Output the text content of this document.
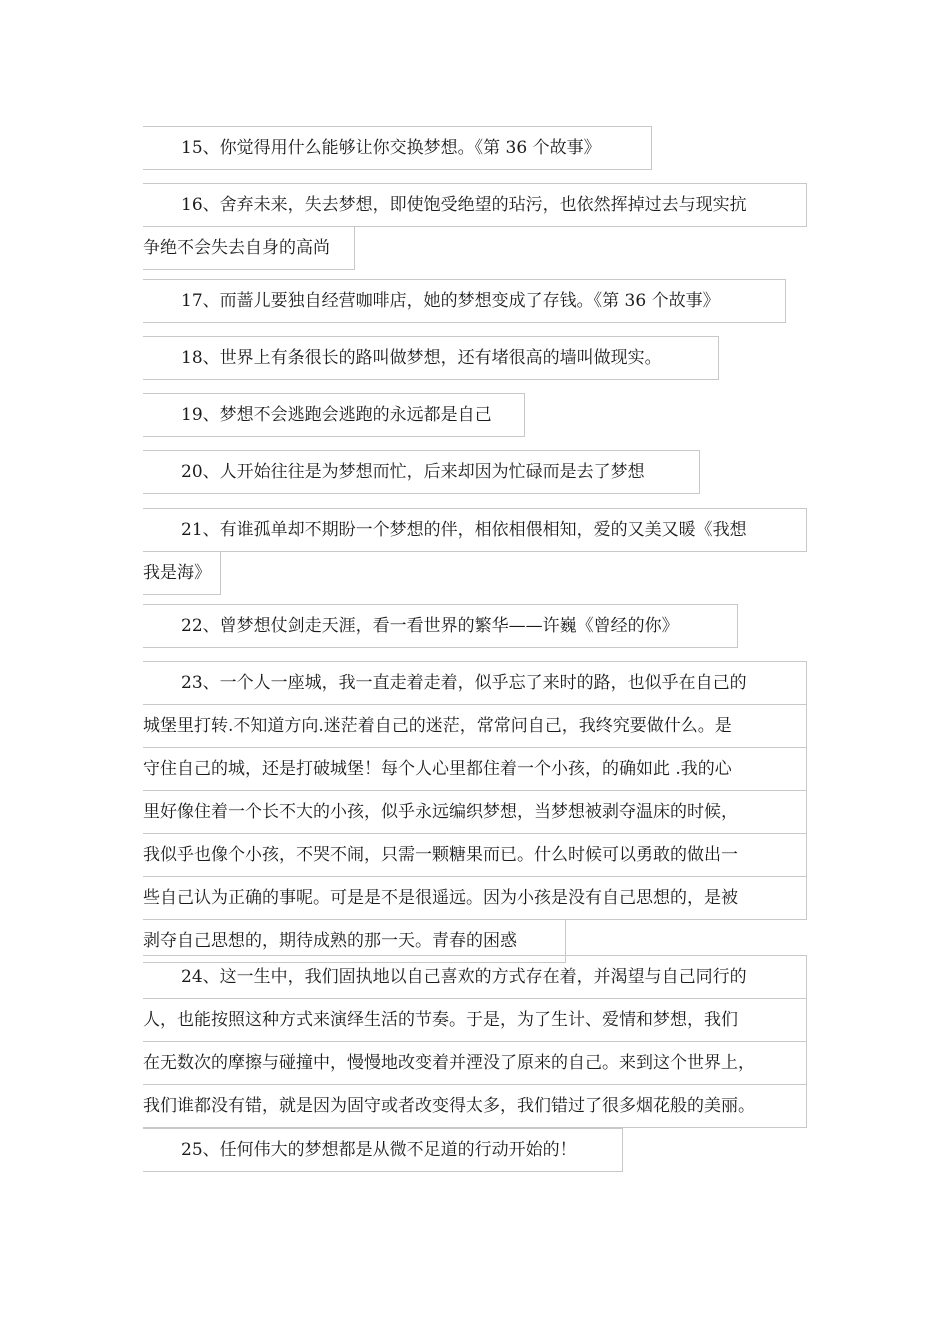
15、你觉得用什么能够让你交换梦想。《第 36 个故事》
16、舍弃未来，失去梦想，即使饱受绝望的玷污，也依然挥掉过去与现实抗
争绝不会失去自身的高尚
17、而蔷儿要独自经营咖啡店，她的梦想变成了存钱。《第 36 个故事》
18、世界上有条很长的路叫做梦想，还有堵很高的墙叫做现实。
19、梦想不会逃跑会逃跑的永远都是自己
20、人开始往往是为梦想而忙，后来却因为忙碌而是去了梦想
21、有谁孤单却不期盼一个梦想的伴，相依相偎相知，爱的又美又暖《我想
我是海》
22、曾梦想仗剑走天涯，看一看世界的繁华——许巍《曾经的你》
23、一个人一座城，我一直走着走着，似乎忘了来时的路，也似乎在自己的
城堡里打转.不知道方向.迷茫着自己的迷茫，常常问自己，我终究要做什么。是
守住自己的城，还是打破城堡！每个人心里都住着一个小孩，的确如此 .我的心
里好像住着一个长不大的小孩，似乎永远编织梦想，当梦想被剥夺温床的时候，
我似乎也像个小孩，不哭不闹，只需一颗糖果而已。什么时候可以勇敢的做出一
些自己认为正确的事呢。可是是不是很遥远。因为小孩是没有自己思想的，是被
剥夺自己思想的，期待成熟的那一天。青春的困惑
24、这一生中，我们固执地以自己喜欢的方式存在着，并渴望与自己同行的
人，也能按照这种方式来演绎生活的节奏。于是，为了生计、爱情和梦想，我们
在无数次的摩擦与碰撞中，慢慢地改变着并湮没了原来的自己。来到这个世界上，
我们谁都没有错，就是因为固守或者改变得太多，我们错过了很多烟花般的美丽。
25、任何伟大的梦想都是从微不足道的行动开始的！
